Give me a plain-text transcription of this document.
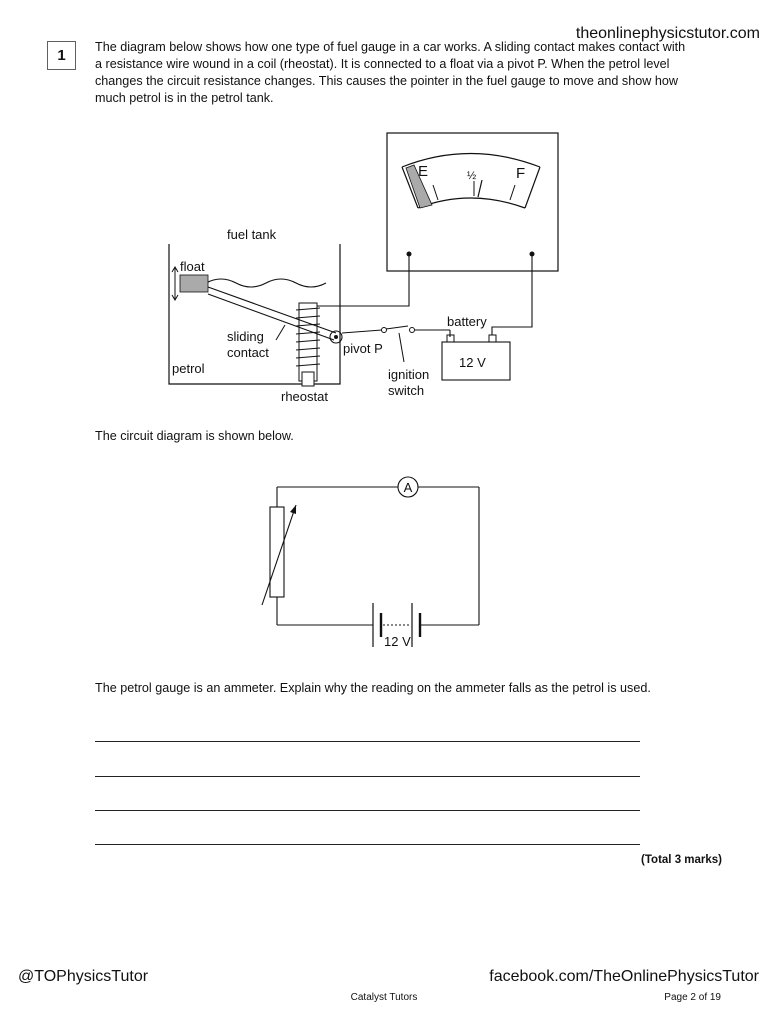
theonlinephysicstutor.com
1	The diagram below shows how one type of fuel gauge in a car works. A sliding contact makes contact with a resistance wire wound in a coil (rheostat). It is connected to a float via a pivot P. When the petrol level changes the circuit resistance changes. This causes the pointer in the fuel gauge to move and show how much petrol is in the petrol tank.
E	½	F
fuel tank
float
rheostat
sliding
contact
petrol
pivot P
ignition
switch
12 V
battery
The circuit diagram is shown below.
A
12 V
The petrol gauge is an ammeter. Explain why the reading on the ammeter falls as the petrol is used.
(Total 3 marks)
@TOPhysicsTutor	facebook.com/TheOnlinePhysicsTutor
Catalyst Tutors	Page 2 of 19
